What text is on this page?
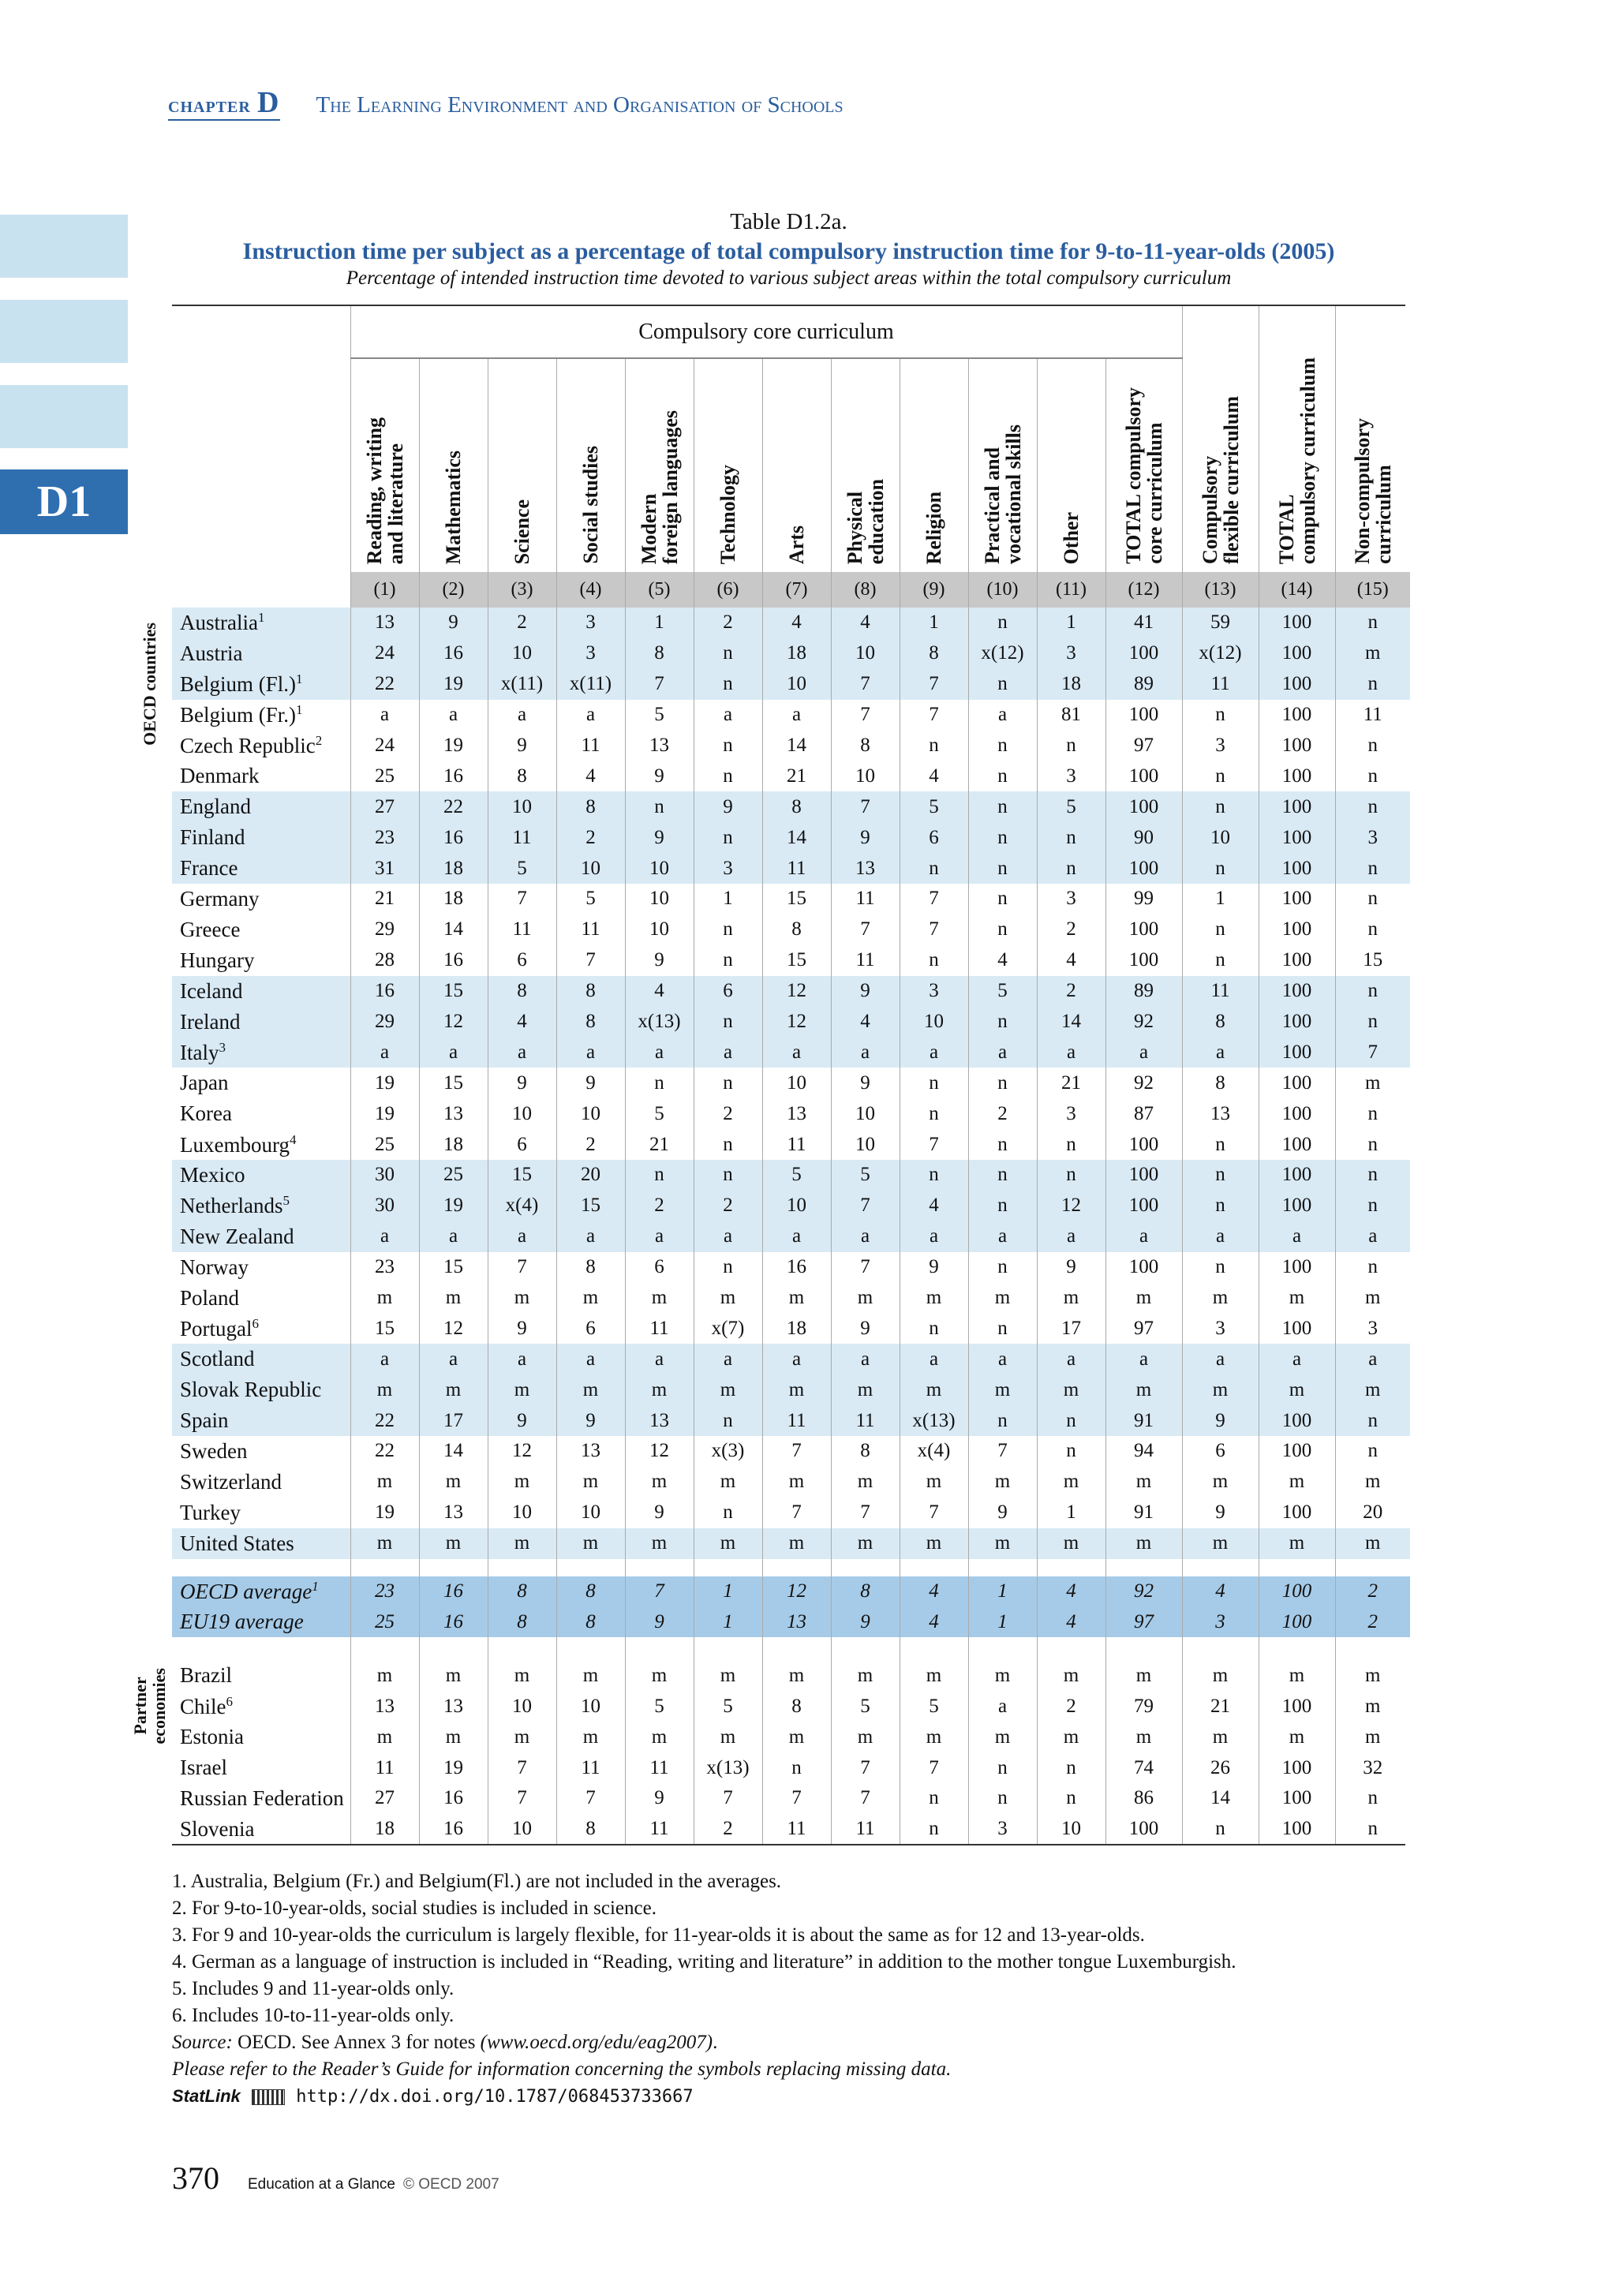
chapter D The Learning Environment and Organisation of Schools
D1
Table D1.2a.
Instruction time per subject as a percentage of total compulsory instruction time for 9-to-11-year-olds (2005)
Percentage of intended instruction time devoted to various subject areas within the total compulsory curriculum
	Compulsory core curriculum														

	Reading, writing
and literature	Mathematics	Science	Social studies	Modern
foreign languages	Technology	Arts	Physical
education	Religion	Practical and
vocational skills	Other	TOTAL compulsory
core curriculum	Compulsory
flexible curriculum	TOTAL
compulsory curriculum	Non-compulsory
curriculum

	(1)	(2)	(3)	(4)	(5)	(6)	(7)	(8)	(9)	(10)	(11)	(12)	(13)	(14)	(15)
Australia$^1$	13	9	2	3	1	2	4	4	1	n	1	41	59	100	n
Austria	24	16	10	3	8	n	18	10	8	x(12)	3	100	x(12)	100	m
Belgium $(Fl.)^1$	22	19	x(11)	x(11)	7	n	10	7	7	n	18	89	11	100	n
Belgium $(Fr.)^1$	a	a	a	a	5	a	a	7	7	a	81	100	n	100	11
Czech Republic$^2$	24	19	9	11	13	n	14	8	n	n	n	97	3	100	n
Denmark	25	16	8	4	9	n	21	10	4	n	3	100	n	100	n
England	27	22	10	8	n	9	8	7	5	n	5	100	n	100	n
Finland	23	16	11	2	9	n	14	9	6	n	n	90	10	100	3
France	31	18	5	10	10	3	11	13	n	n	n	100	n	100	n
Germany	21	18	7	5	10	1	15	11	7	n	3	99	1	100	n
Greece	29	14	11	11	10	n	8	7	7	n	2	100	n	100	n
Hungary	28	16	6	7	9	n	15	11	n	4	4	100	n	100	15
Iceland	16	15	8	8	4	6	12	9	3	5	2	89	11	100	n
Ireland	29	12	4	8	x(13)	n	12	4	10	n	14	92	8	100	n
Italy$^3$	a	a	a	a	a	a	a	a	a	a	a	a	a	100	7
Japan	19	15	9	9	n	n	10	9	n	n	21	92	8	100	m
Korea	19	13	10	10	5	2	13	10	n	2	3	87	13	100	n
Luxembourg$^4$	25	18	6	2	21	n	11	10	7	n	n	100	n	100	n
Mexico	30	25	15	20	n	n	5	5	n	n	n	100	n	100	n
Netherlands$^5$	30	19	x(4)	15	2	2	10	7	4	n	12	100	n	100	n
New Zealand	a	a	a	a	a	a	a	a	a	a	a	a	a	a	a
Norway	23	15	7	8	6	n	16	7	9	n	9	100	n	100	n
Poland	m	m	m	m	m	m	m	m	m	m	m	m	m	m	m
Portugal$^6$	15	12	9	6	11	x(7)	18	9	n	n	17	97	3	100	3
Scotland	a	a	a	a	a	a	a	a	a	a	a	a	a	a	a
Slovak Republic	m	m	m	m	m	m	m	m	m	m	m	m	m	m	m
Spain	22	17	9	9	13	n	11	11	x(13)	n	n	91	9	100	n
Sweden	22	14	12	13	12	x(3)	7	8	x(4)	7	n	94	6	100	n
Switzerland	m	m	m	m	m	m	m	m	m	m	m	m	m	m	m
Turkey	19	13	10	10	9	n	7	7	7	9	1	91	9	100	20
United States	m	m	m	m	m	m	m	m	m	m	m	m	m	m	m

OECD average$^1$	23	16	8	8	7	1	12	8	4	1	4	92	4	100	2
EU19 average	25	16	8	8	9	1	13	9	4	1	4	97	3	100	2

Brazil	m	m	m	m	m	m	m	m	m	m	m	m	m	m	m
Chile$^6$	13	13	10	10	5	5	8	5	5	a	2	79	21	100	m
Estonia	m	m	m	m	m	m	m	m	m	m	m	m	m	m	m
Israel	11	19	7	11	11	x(13)	n	7	7	n	n	74	26	100	32
Russian Federation	27	16	7	7	9	7	7	7	n	n	n	86	14	100	n
Slovenia	18	16	10	8	11	2	11	11	n	3	10	100	n	100	n
OECD countries
Partner
economies
1. Australia, Belgium (Fr.) and Belgium(Fl.) are not included in the averages.
2. For 9-to-10-year-olds, social studies is included in science.
3. For 9 and 10-year-olds the curriculum is largely flexible, for 11-year-olds it is about the same as for 12 and 13-year-olds.
4. German as a language of instruction is included in “Reading, writing and literature” in addition to the mother tongue Luxemburgish.
5. Includes 9 and 11-year-olds only.
6. Includes 10-to-11-year-olds only.
Source: OECD. See Annex 3 for notes (www.oecd.org/edu/eag2007).
Please refer to the Reader’s Guide for information concerning the symbols replacing missing data.
StatLink	http://dx.doi.org/10.1787/068453733667
370 Education at a Glance © OECD 2007
